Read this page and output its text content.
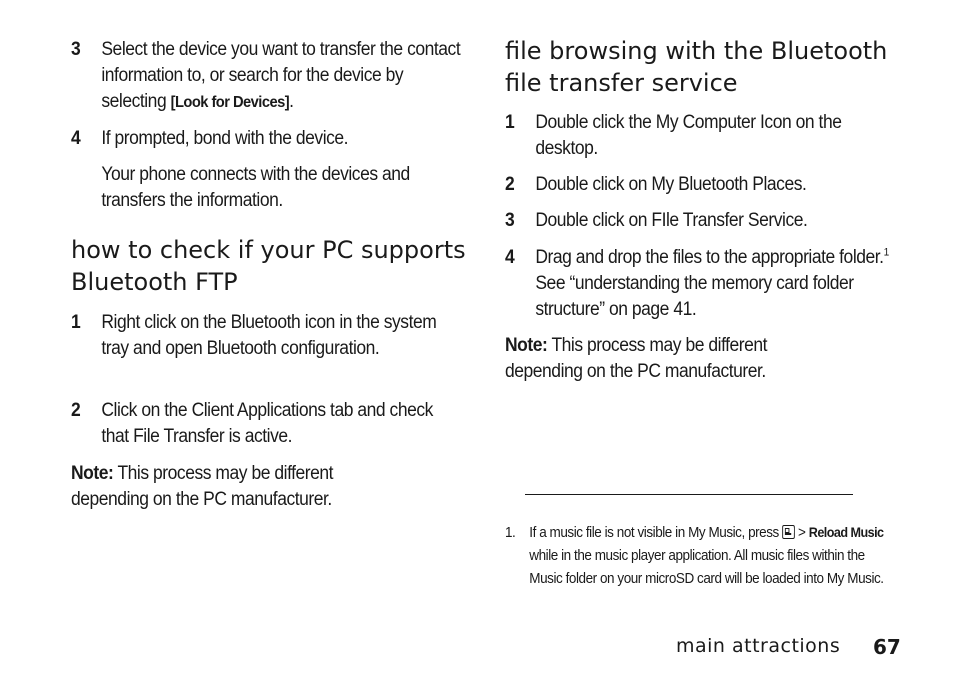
3 Select the device you want to transfer the contact information to, or search for the device by selecting [Look for Devices].
4 If prompted, bond with the device.
Your phone connects with the devices and transfers the information.
how to check if your PC supports Bluetooth FTP
1 Right click on the Bluetooth icon in the system tray and open Bluetooth configuration.
2 Click on the Client Applications tab and check that File Transfer is active.
Note: This process may be different depending on the PC manufacturer.
file browsing with the Bluetooth file transfer service
1 Double click the My Computer Icon on the desktop.
2 Double click on My Bluetooth Places.
3 Double click on FIle Transfer Service.
4 Drag and drop the files to the appropriate folder.$^1$ See “understanding the memory card folder structure” on page 41.
Note: This process may be different depending on the PC manufacturer.
1. If a music file is not visible in My Music, press  > Reload Music while in the music player application. All music files within the Music folder on your microSD card will be loaded into My Music.
main attractions 67
